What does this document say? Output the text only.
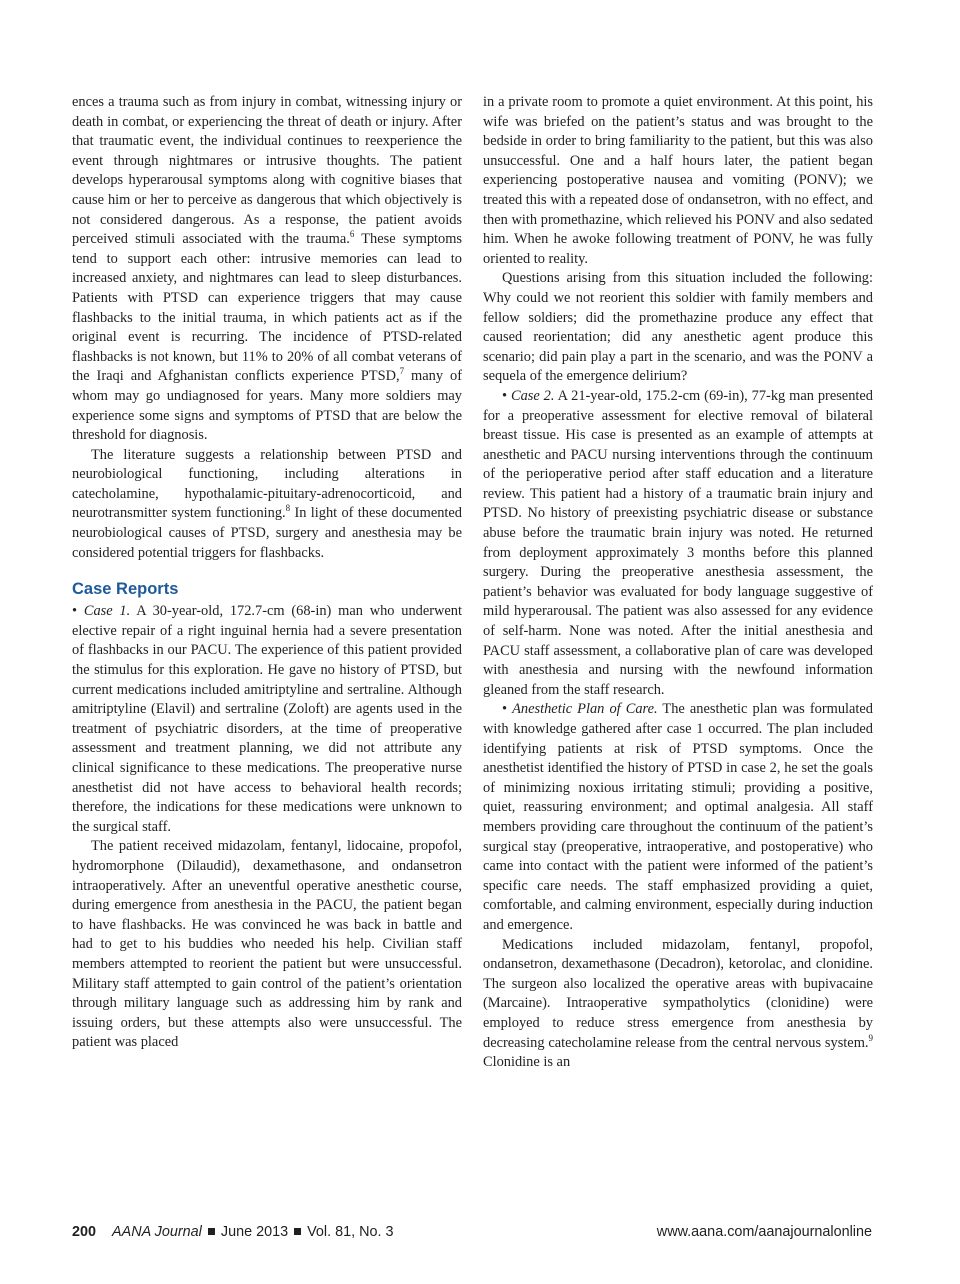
ences a trauma such as from injury in combat, witnessing injury or death in combat, or experiencing the threat of death or injury. After that traumatic event, the individual continues to reexperience the event through nightmares or intrusive thoughts. The patient develops hyperarousal symptoms along with cognitive biases that cause him or her to perceive as dangerous that which objectively is not considered dangerous. As a response, the patient avoids perceived stimuli associated with the trauma.$^6$ These symptoms tend to support each other: intrusive memories can lead to increased anxiety, and nightmares can lead to sleep disturbances. Patients with PTSD can experience triggers that may cause flashbacks to the initial trauma, in which patients act as if the original event is recurring. The incidence of PTSD-related flashbacks is not known, but 11% to 20% of all combat veterans of the Iraqi and Afghanistan conflicts experience PTSD,$^7$ many of whom may go undiagnosed for years. Many more soldiers may experience some signs and symptoms of PTSD that are below the threshold for diagnosis.

The literature suggests a relationship between PTSD and neurobiological functioning, including alterations in catecholamine, hypothalamic-pituitary-adrenocorticoid, and neurotransmitter system functioning.$^8$ In light of these documented neurobiological causes of PTSD, surgery and anesthesia may be considered potential triggers for flashbacks.

Case Reports

• Case 1. A 30-year-old, 172.7-cm (68-in) man who underwent elective repair of a right inguinal hernia had a severe presentation of flashbacks in our PACU. The experience of this patient provided the stimulus for this exploration. He gave no history of PTSD, but current medications included amitriptyline and sertraline. Although amitriptyline (Elavil) and sertraline (Zoloft) are agents used in the treatment of psychiatric disorders, at the time of preoperative assessment and treatment planning, we did not attribute any clinical significance to these medications. The preoperative nurse anesthetist did not have access to behavioral health records; therefore, the indications for these medications were unknown to the surgical staff.

The patient received midazolam, fentanyl, lidocaine, propofol, hydromorphone (Dilaudid), dexamethasone, and ondansetron intraoperatively. After an uneventful operative anesthetic course, during emergence from anesthesia in the PACU, the patient began to have flashbacks. He was convinced he was back in battle and had to get to his buddies who needed his help. Civilian staff members attempted to reorient the patient but were unsuccessful. Military staff attempted to gain control of the patient’s orientation through military language such as addressing him by rank and issuing orders, but these attempts also were unsuccessful. The patient was placed

in a private room to promote a quiet environment. At this point, his wife was briefed on the patient’s status and was brought to the bedside in order to bring familiarity to the patient, but this was also unsuccessful. One and a half hours later, the patient began experiencing postoperative nausea and vomiting (PONV); we treated this with a repeated dose of ondansetron, with no effect, and then with promethazine, which relieved his PONV and also sedated him. When he awoke following treatment of PONV, he was fully oriented to reality.

Questions arising from this situation included the following: Why could we not reorient this soldier with family members and fellow soldiers; did the promethazine produce any effect that caused reorientation; did any anesthetic agent produce this scenario; did pain play a part in the scenario, and was the PONV a sequela of the emergence delirium?

• Case 2. A 21-year-old, 175.2-cm (69-in), 77-kg man presented for a preoperative assessment for elective removal of bilateral breast tissue. His case is presented as an example of attempts at anesthetic and PACU nursing interventions through the continuum of the perioperative period after staff education and a literature review. This patient had a history of a traumatic brain injury and PTSD. No history of preexisting psychiatric disease or substance abuse before the traumatic brain injury was noted. He returned from deployment approximately 3 months before this planned surgery. During the preoperative anesthesia assessment, the patient’s behavior was evaluated for body language suggestive of mild hyperarousal. The patient was also assessed for any evidence of self-harm. None was noted. After the initial anesthesia and PACU staff assessment, a collaborative plan of care was developed with anesthesia and nursing with the newfound information gleaned from the staff research.

• Anesthetic Plan of Care. The anesthetic plan was formulated with knowledge gathered after case 1 occurred. The plan included identifying patients at risk of PTSD symptoms. Once the anesthetist identified the history of PTSD in case 2, he set the goals of minimizing noxious irritating stimuli; providing a positive, quiet, reassuring environment; and optimal analgesia. All staff members providing care throughout the continuum of the patient’s surgical stay (preoperative, intraoperative, and postoperative) who came into contact with the patient were informed of the patient’s specific care needs. The staff emphasized providing a quiet, comfortable, and calming environment, especially during induction and emergence.

Medications included midazolam, fentanyl, propofol, ondansetron, dexamethasone (Decadron), ketorolac, and clonidine. The surgeon also localized the operative areas with bupivacaine (Marcaine). Intraoperative sympatholytics (clonidine) were employed to reduce stress emergence from anesthesia by decreasing catecholamine release from the central nervous system.$^9$ Clonidine is an

200 AANA Journal June 2013 Vol. 81, No. 3	www.aana.com/aanajournalonline
